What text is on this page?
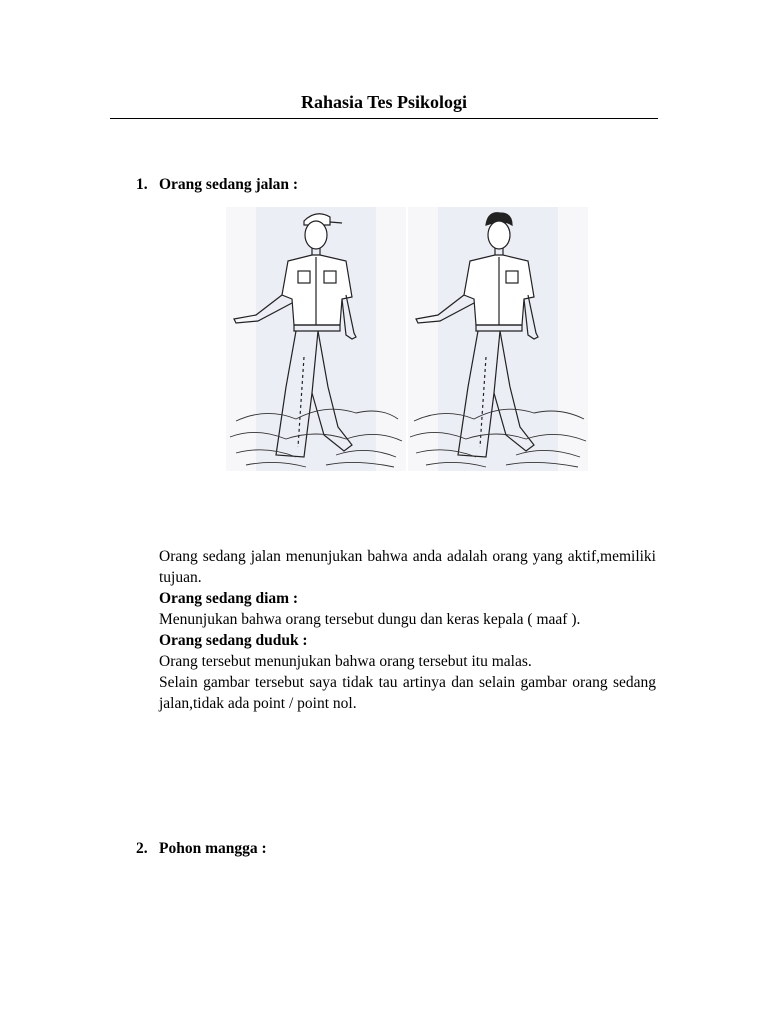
Rahasia Tes Psikologi
1. Orang sedang jalan :

Orang sedang jalan menunjukan bahwa anda adalah orang yang aktif,memiliki tujuan.

Orang sedang diam :

Menunjukan bahwa orang tersebut dungu dan keras kepala ( maaf ).

Orang sedang duduk :

Orang tersebut menunjukan bahwa orang tersebut itu malas.

Selain gambar tersebut saya tidak tau artinya dan selain gambar orang sedang jalan,tidak ada point / point nol.

2. Pohon mangga :
